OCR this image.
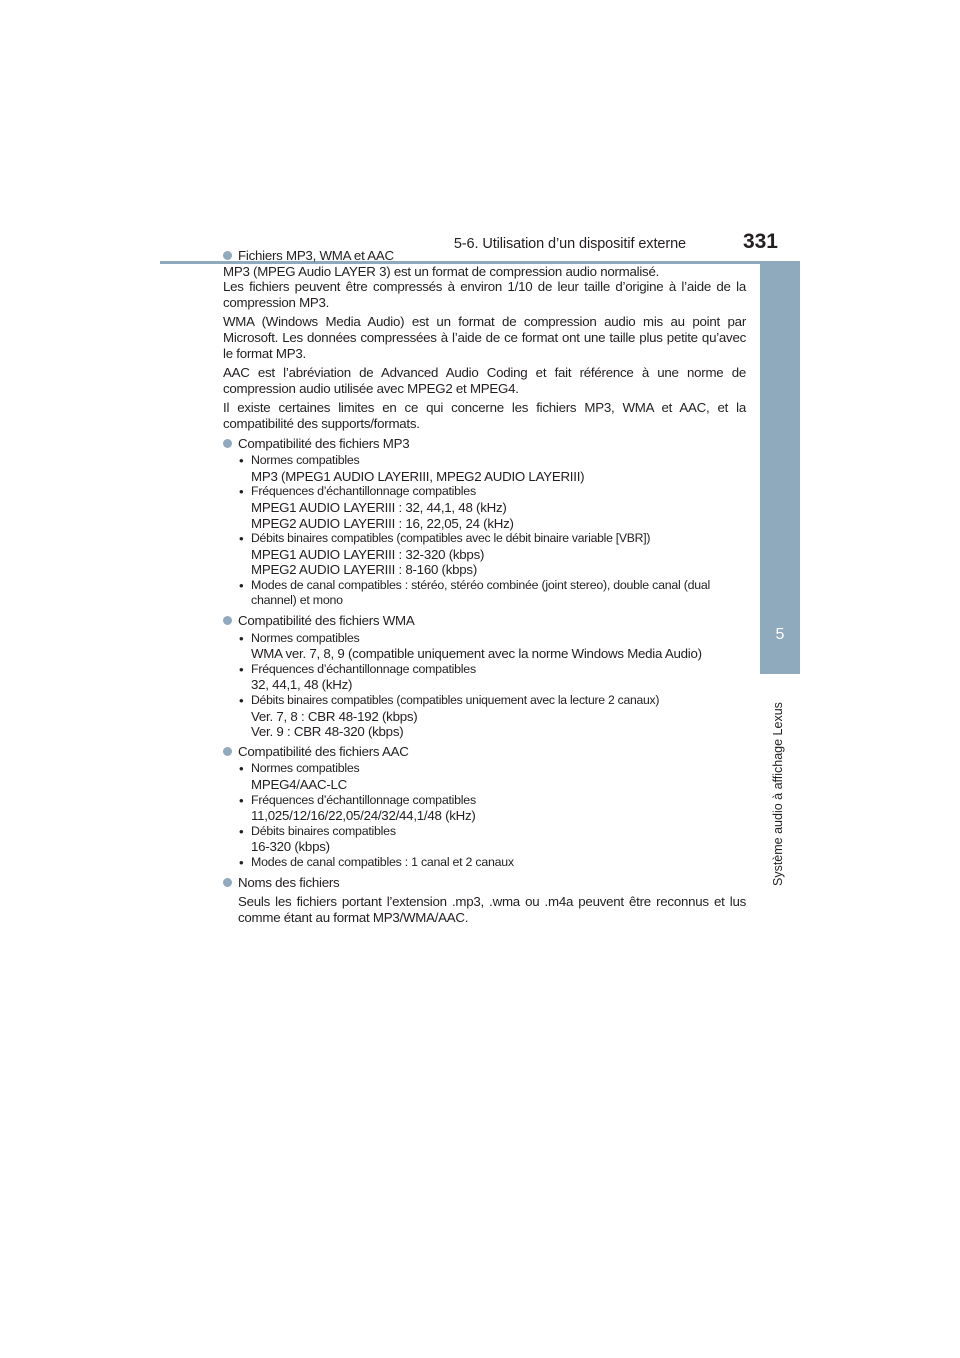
5-6. Utilisation d’un dispositif externe	331
5
Système audio à affichage Lexus
Fichiers MP3, WMA et AAC

MP3 (MPEG Audio LAYER 3) est un format de compression audio normalisé.

Les fichiers peuvent être compressés à environ 1/10 de leur taille d’origine à l’aide de la compression MP3.

WMA (Windows Media Audio) est un format de compression audio mis au point par Microsoft. Les données compressées à l’aide de ce format ont une taille plus petite qu’avec le format MP3.

AAC est l’abréviation de Advanced Audio Coding et fait référence à une norme de compression audio utilisée avec MPEG2 et MPEG4.

Il existe certaines limites en ce qui concerne les fichiers MP3, WMA et AAC, et la compatibilité des supports/formats.

Compatibilité des fichiers MP3
• Normes compatibles
MP3 (MPEG1 AUDIO LAYERIII, MPEG2 AUDIO LAYERIII)
• Fréquences d’échantillonnage compatibles
MPEG1 AUDIO LAYERIII : 32, 44,1, 48 (kHz)
MPEG2 AUDIO LAYERIII : 16, 22,05, 24 (kHz)
• Débits binaires compatibles (compatibles avec le débit binaire variable [VBR])
MPEG1 AUDIO LAYERIII : 32-320 (kbps)
MPEG2 AUDIO LAYERIII : 8-160 (kbps)
• Modes de canal compatibles : stéréo, stéréo combinée (joint stereo), double canal (dual channel) et mono
Compatibilité des fichiers WMA
• Normes compatibles
WMA ver. 7, 8, 9 (compatible uniquement avec la norme Windows Media Audio)
• Fréquences d’échantillonnage compatibles
32, 44,1, 48 (kHz)
• Débits binaires compatibles (compatibles uniquement avec la lecture 2 canaux)
Ver. 7, 8 : CBR 48-192 (kbps)
Ver. 9 : CBR 48-320 (kbps)
Compatibilité des fichiers AAC
• Normes compatibles
MPEG4/AAC-LC
• Fréquences d’échantillonnage compatibles
11,025/12/16/22,05/24/32/44,1/48 (kHz)
• Débits binaires compatibles
16-320 (kbps)
• Modes de canal compatibles : 1 canal et 2 canaux
Noms des fichiers

Seuls les fichiers portant l’extension .mp3, .wma ou .m4a peuvent être reconnus et lus comme étant au format MP3/WMA/AAC.
